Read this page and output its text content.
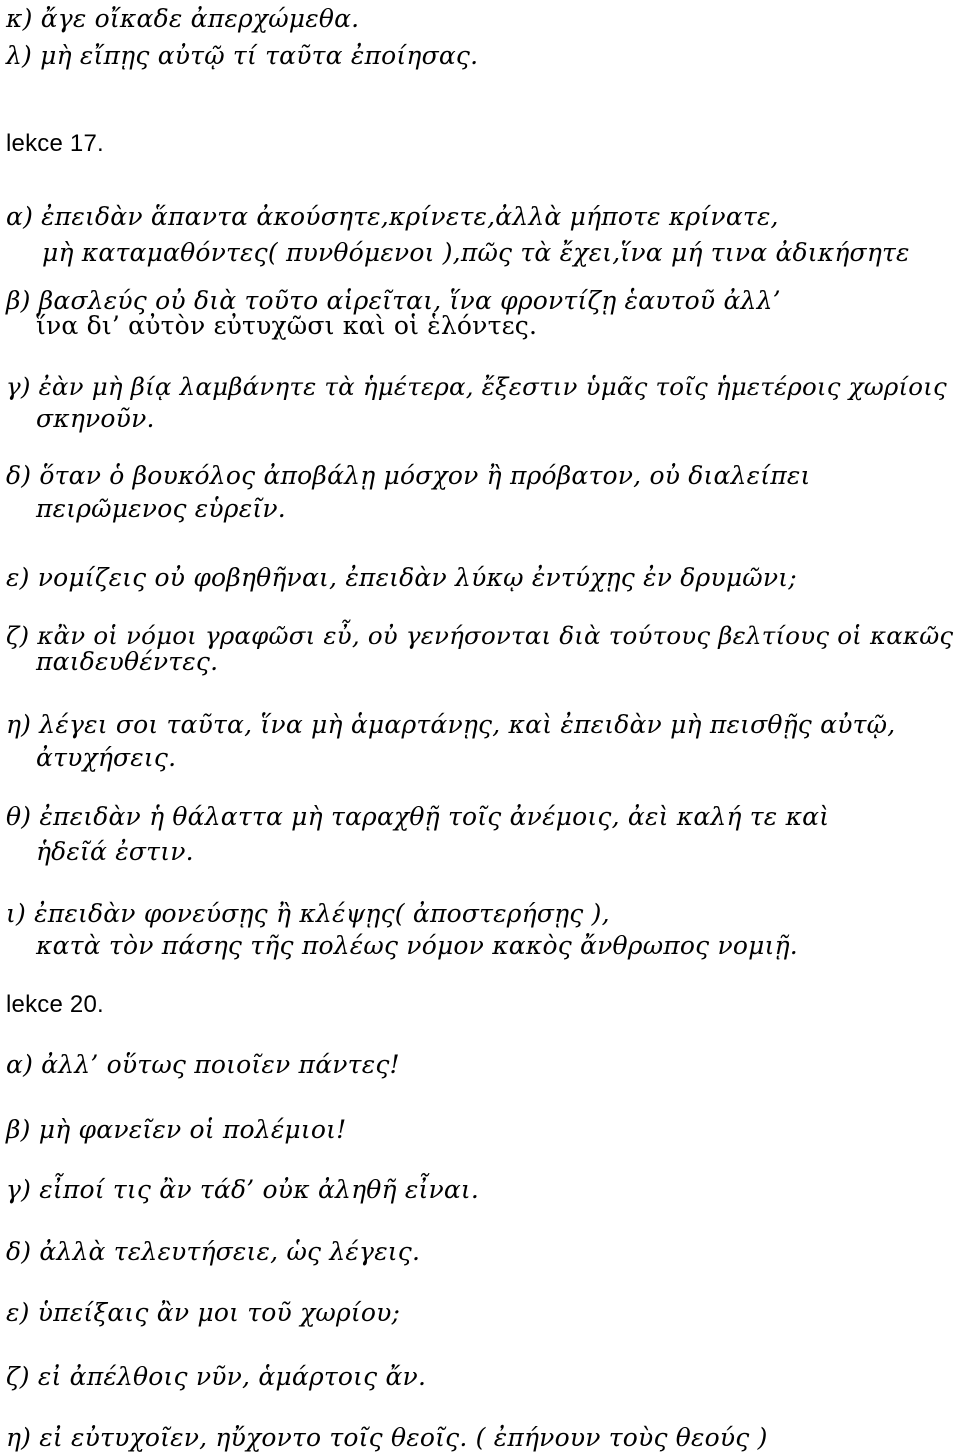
κ) ἄγε οἴκαδε ἀπερχώμεθα.
λ) μὴ εἴπῃς αὐτῷ τί ταῦτα ἐποίησας.
lekce 17.
α) ἐπειδὰν ἅπαντα ἀκούσητε,κρίνετε,ἀλλὰ μήποτε κρίνατε,
μὴ καταμαθόντες( πυνθόμενοι ),πῶς τὰ ἔχει,ἵνα μή τινα ἀδικήσητε
β) βασλεύς οὐ διὰ τοῦτο αἱρεῖται, ἵνα φροντίζῃ ἑαυτοῦ ἀλλ’
ἵνα δι’ αὐτὸν εὐτυχῶσι καὶ οἱ ἑλόντες.
γ) ἐὰν μὴ βίᾳ λαμβάνητε τὰ ἡμέτερα, ἔξεστιν ὑμᾶς τοῖς ἡμετέροις χωρίοις
σκηνοῦν.
δ) ὅταν ὁ βουκόλος ἀποβάλῃ μόσχον ἢ πρόβατον, οὐ διαλείπει
πειρῶμενος εὑρεῖν.
ε) νομίζεις οὐ φοβηθῆναι, ἐπειδὰν λύκῳ ἐντύχῃς ἐν δρυμῶνι;
ζ) κἂν οἱ νόμοι γραφῶσι εὖ, οὐ γενήσονται διὰ τούτους βελτίους οἱ κακῶς
παιδευθέντες.
η) λέγει σοι ταῦτα, ἵνα μὴ ἁμαρτάνῃς, καὶ ἐπειδὰν μὴ πεισθῇς αὐτῷ,
ἀτυχήσεις.
θ) ἐπειδὰν ἡ θάλαττα μὴ ταραχθῇ τοῖς ἀνέμοις, ἀεὶ καλή τε καὶ
ἡδεῖά ἐστιν.
ι) ἐπειδὰν φονεύσῃς ἢ κλέψῃς( ἀποστερήσῃς ),
κατὰ τὸν πάσης τῆς πολέως νόμον κακὸς ἄνθρωπος νομιῇ.
lekce 20.
α) ἀλλ’ οὕτως ποιοῖεν πάντες!
β) μὴ φανεῖεν οἱ πολέμιοι!
γ) εἶποί τις ἂν τάδ’ οὐκ ἀληθῆ εἶναι.
δ) ἀλλὰ τελευτήσειε, ὡς λέγεις.
ε) ὑπείξαις ἂν μοι τοῦ χωρίου;
ζ) εἰ ἀπέλθοις νῦν, ἁμάρτοις ἄν.
η) εἰ εὐτυχοῖεν, ηὔχοντο τοῖς θεοῖς. ( ἐπήνουν τοὺς θεούς )
